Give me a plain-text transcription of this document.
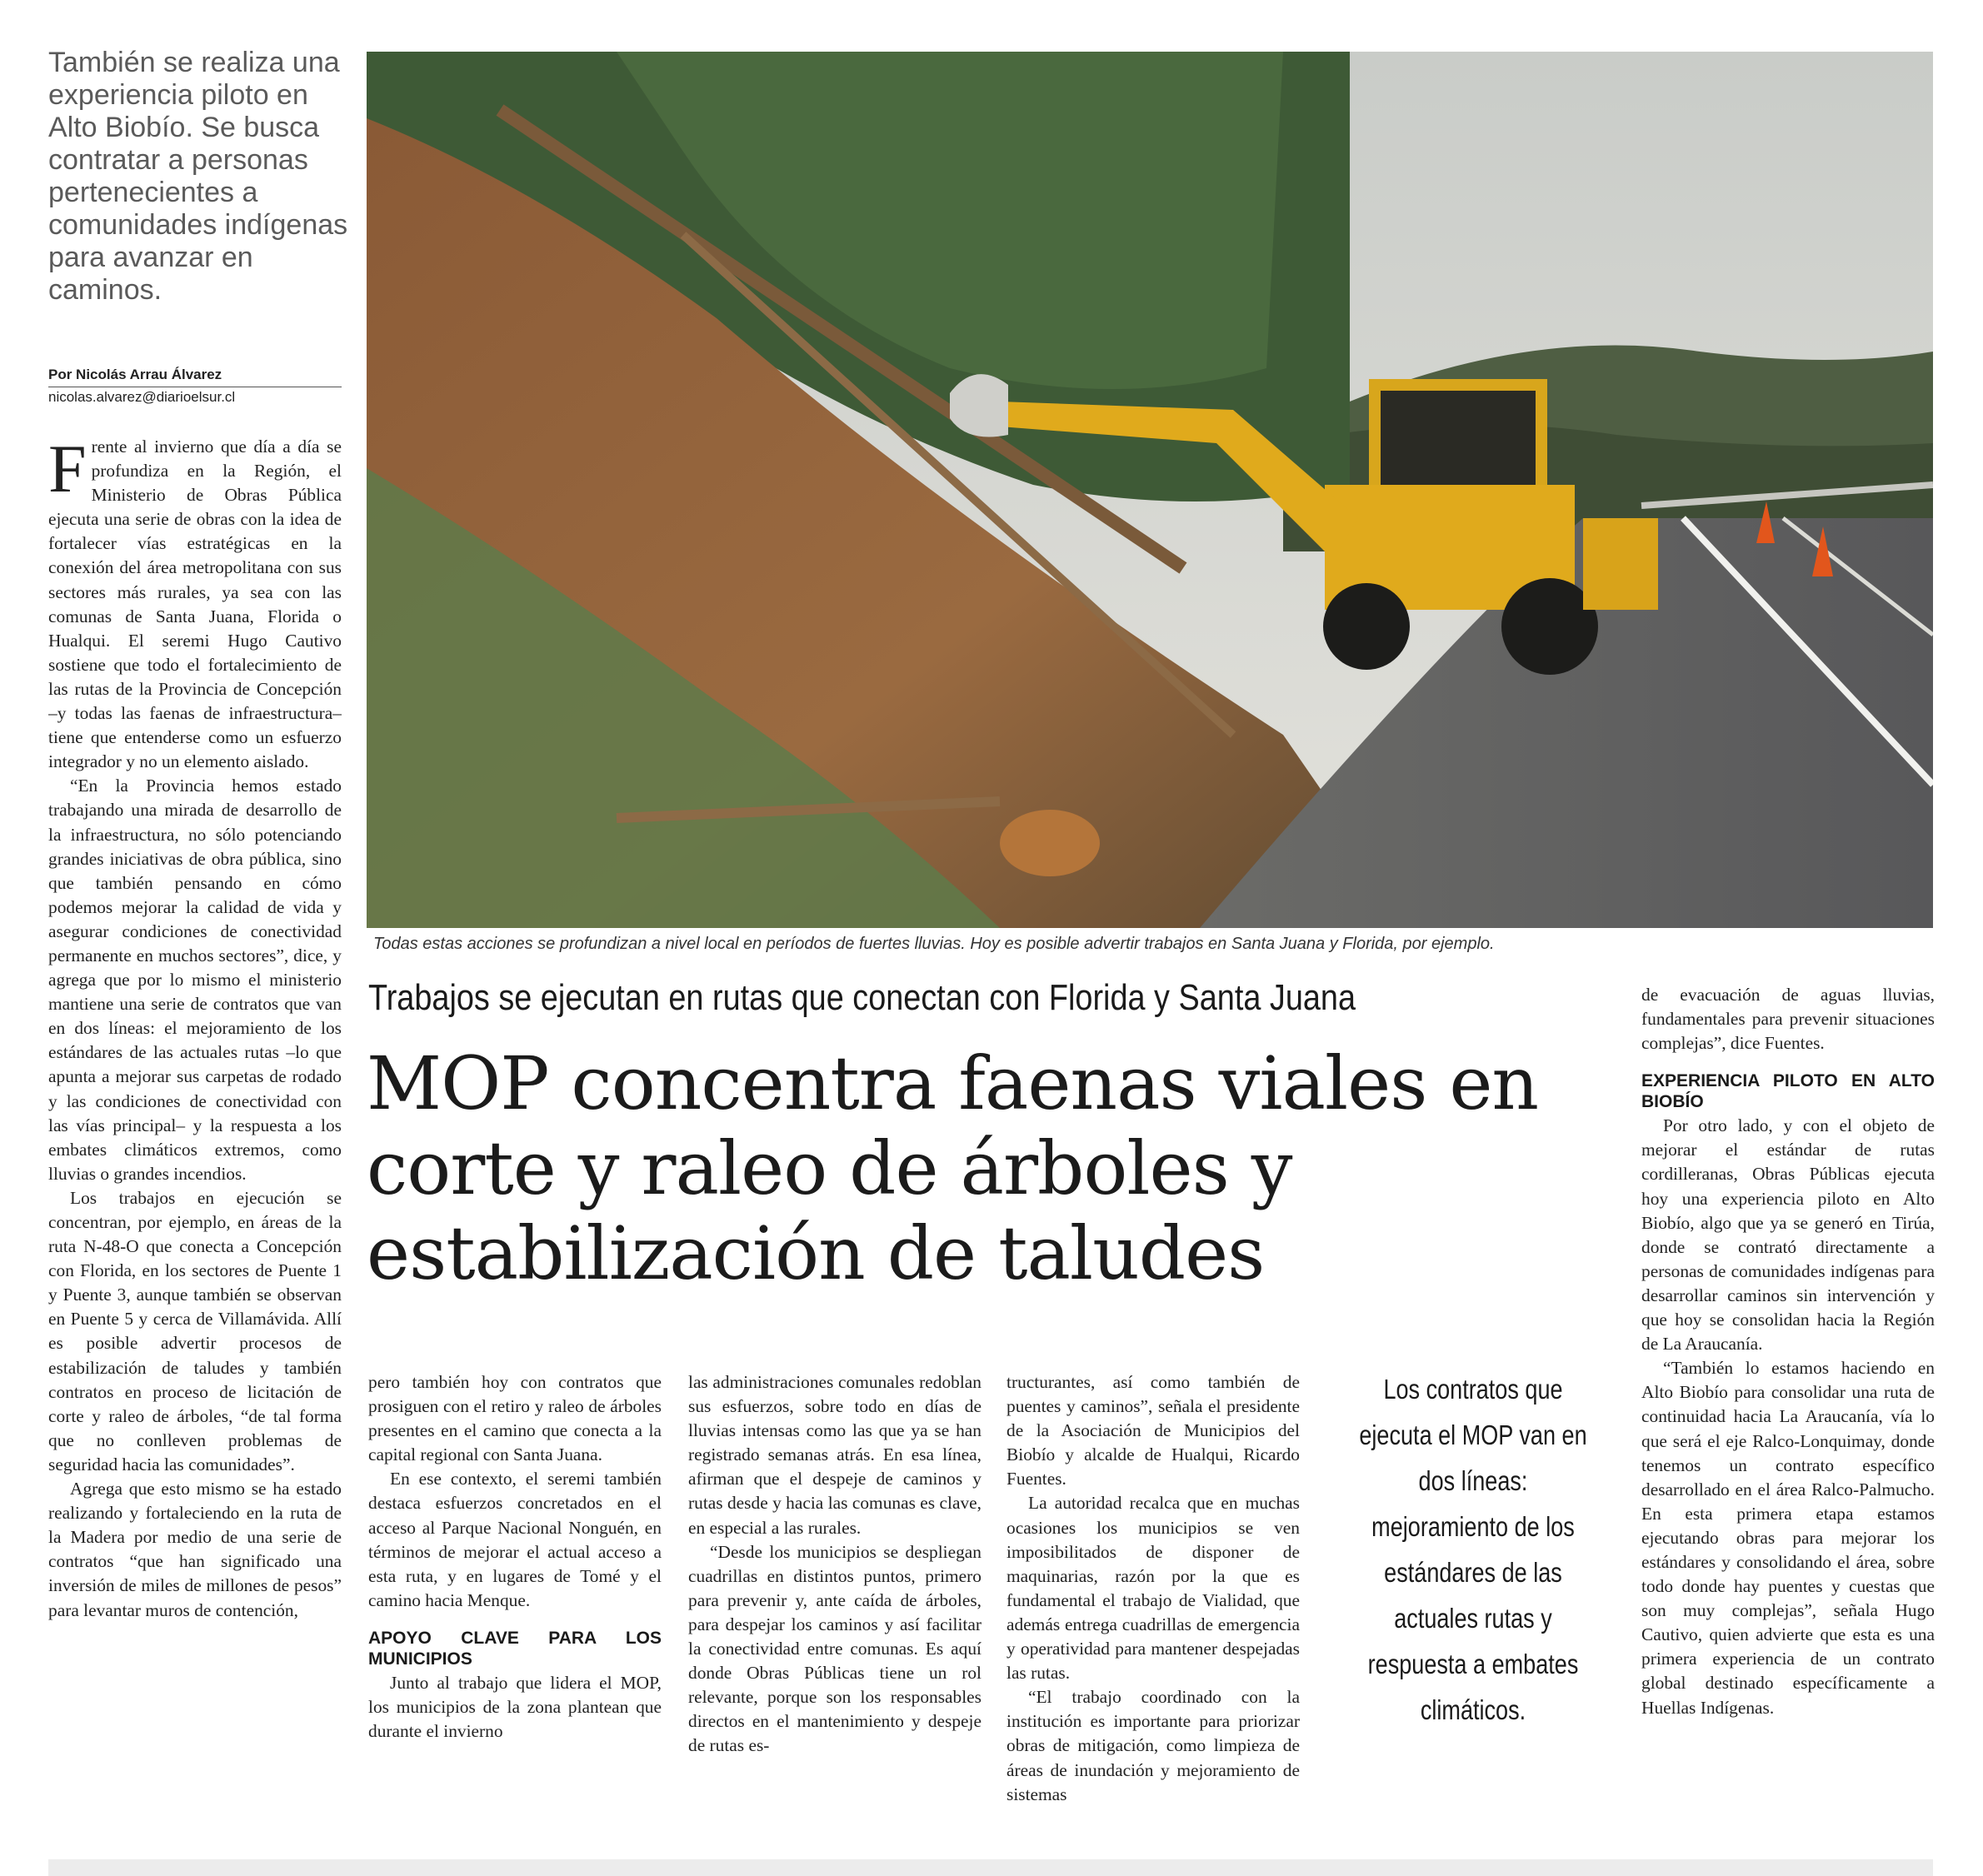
También se realiza una experiencia piloto en Alto Biobío. Se busca contratar a personas pertenecientes a comunidades indígenas para avanzar en caminos.
Por Nicolás Arrau Álvarez
nicolas.alvarez@diarioelsur.cl

Frente al invierno que día a día se profundiza en la Región, el Ministerio de Obras Pública ejecuta una serie de obras con la idea de fortalecer vías estratégicas en la conexión del área metropolitana con sus sectores más rurales, ya sea con las comunas de Santa Juana, Florida o Hualqui. El seremi Hugo Cautivo sostiene que todo el fortalecimiento de las rutas de la Provincia de Concepción –y todas las faenas de infraestructura– tiene que entenderse como un esfuerzo integrador y no un elemento aislado.

“En la Provincia hemos estado trabajando una mirada de desarrollo de la infraestructura, no sólo potenciando grandes iniciativas de obra pública, sino que también pensando en cómo podemos mejorar la calidad de vida y asegurar condiciones de conectividad permanente en muchos sectores”, dice, y agrega que por lo mismo el ministerio mantiene una serie de contratos que van en dos líneas: el mejoramiento de los estándares de las actuales rutas –lo que apunta a mejorar sus carpetas de rodado y las condiciones de conectividad con las vías principal– y la respuesta a los embates climáticos extremos, como lluvias o grandes incendios.

Los trabajos en ejecución se concentran, por ejemplo, en áreas de la ruta N-48-O que conecta a Concepción con Florida, en los sectores de Puente 1 y Puente 3, aunque también se observan en Puente 5 y cerca de Villamávida. Allí es posible advertir procesos de estabilización de taludes y también contratos en proceso de licitación de corte y raleo de árboles, “de tal forma que no conlleven problemas de seguridad hacia las comunidades”.

Agrega que esto mismo se ha estado realizando y fortaleciendo en la ruta de la Madera por medio de una serie de contratos “que han significado una inversión de miles de millones de pesos” para levantar muros de contención,

Todas estas acciones se profundizan a nivel local en períodos de fuertes lluvias. Hoy es posible advertir trabajos en Santa Juana y Florida, por ejemplo.
Trabajos se ejecutan en rutas que conectan con Florida y Santa Juana
MOP concentra faenas viales en corte y raleo de árboles y estabilización de taludes

pero también hoy con contratos que prosiguen con el retiro y raleo de árboles presentes en el camino que conecta a la capital regional con Santa Juana.

En ese contexto, el seremi también destaca esfuerzos concretados en el acceso al Parque Nacional Nonguén, en términos de mejorar el actual acceso a esta ruta, y en lugares de Tomé y el camino hacia Menque.

APOYO CLAVE PARA LOS MUNICIPIOS

Junto al trabajo que lidera el MOP, los municipios de la zona plantean que durante el invierno

las administraciones comunales redoblan sus esfuerzos, sobre todo en días de lluvias intensas como las que ya se han registrado semanas atrás. En esa línea, afirman que el despeje de caminos y rutas desde y hacia las comunas es clave, en especial a las rurales.

“Desde los municipios se despliegan cuadrillas en distintos puntos, primero para prevenir y, ante caída de árboles, para despejar los caminos y así facilitar la conectividad entre comunas. Es aquí donde Obras Públicas tiene un rol relevante, porque son los responsables directos en el mantenimiento y despeje de rutas es-

tructurantes, así como también de puentes y caminos”, señala el presidente de la Asociación de Municipios del Biobío y alcalde de Hualqui, Ricardo Fuentes.

La autoridad recalca que en muchas ocasiones los municipios se ven imposibilitados de disponer de maquinarias, razón por la que es fundamental el trabajo de Vialidad, que además entrega cuadrillas de emergencia y operatividad para mantener despejadas las rutas.

“El trabajo coordinado con la institución es importante para priorizar obras de mitigación, como limpieza de áreas de inundación y mejoramiento de sistemas

Los contratos que ejecuta el MOP van en dos líneas: mejoramiento de los estándares de las actuales rutas y respuesta a embates climáticos.

de evacuación de aguas lluvias, fundamentales para prevenir situaciones complejas”, dice Fuentes.

EXPERIENCIA PILOTO EN ALTO BIOBÍO

Por otro lado, y con el objeto de mejorar el estándar de rutas cordilleranas, Obras Públicas ejecuta hoy una experiencia piloto en Alto Biobío, algo que ya se generó en Tirúa, donde se contrató directamente a personas de comunidades indígenas para desarrollar caminos sin intervención y que hoy se consolidan hacia la Región de La Araucanía.

“También lo estamos haciendo en Alto Biobío para consolidar una ruta de continuidad hacia La Araucanía, vía lo que será el eje Ralco-Lonquimay, donde tenemos un contrato específico desarrollado en el área Ralco-Palmucho. En esta primera etapa estamos ejecutando obras para mejorar los estándares y consolidando el área, sobre todo donde hay puentes y cuestas que son muy complejas”, señala Hugo Cautivo, quien advierte que esta es una primera experiencia de un contrato global destinado específicamente a Huellas Indígenas.
